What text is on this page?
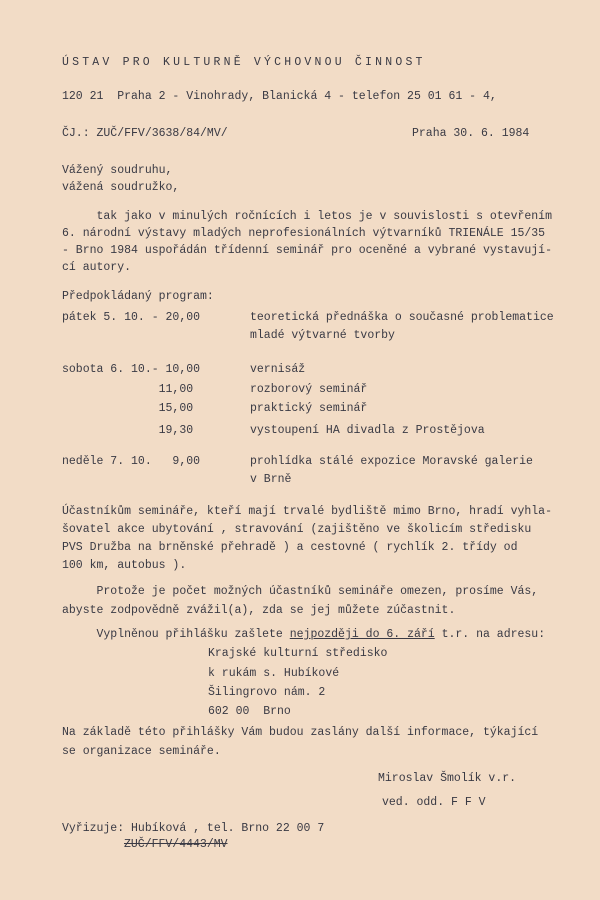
ÚSTAV PRO KULTURNĚ VÝCHOVNOU ČINNOST
120 21  Praha 2 - Vinohrady, Blanická 4 - telefon 25 01 61 - 4,
ČJ.: ZUČ/FFV/3638/84/MV/	Praha 30. 6. 1984
Vážený soudruhu,
vážená soudružko,
tak jako v minulých ročnících i letos je v souvislosti s otevřením
6. národní výstavy mladých neprofesionálních výtvarníků TRIENÁLE 15/35
- Brno 1984 uspořádán třídenní seminář pro oceněné a vybrané vystavují-
cí autory.
Předpokládaný program:
pátek 5. 10. - 20,00	teoretická přednáška o současné problematice
mladé výtvarné tvorby
sobota 6. 10.- 10,00	vernisáž
11,00	rozborový seminář
15,00	praktický seminář
19,30	vystoupení HA divadla z Prostějova
neděle 7. 10.   9,00	prohlídka stálé expozice Moravské galerie
v Brně
Účastníkům semináře, kteří mají trvalé bydliště mimo Brno, hradí vyhla-
šovatel akce ubytování , stravování (zajištěno ve školicím středisku
PVS Družba na brněnské přehradě ) a cestovné ( rychlík 2. třídy od
100 km, autobus ).
Protože je počet možných účastníků semináře omezen, prosíme Vás,
abyste zodpovědně zvážil(a), zda se jej můžete zúčastnit.
Vyplněnou přihlášku zašlete nejpozději do 6. září t.r. na adresu:
Krajské kulturní středisko
k rukám s. Hubíkové
Šilingrovo nám. 2
602 00  Brno
Na základě této přihlášky Vám budou zaslány další informace, týkající
se organizace semináře.
Miroslav Šmolík v.r.
ved. odd. F F V
Vyřizuje: Hubíková , tel. Brno 22 00 7
ZUČ/FFV/4443/MV
